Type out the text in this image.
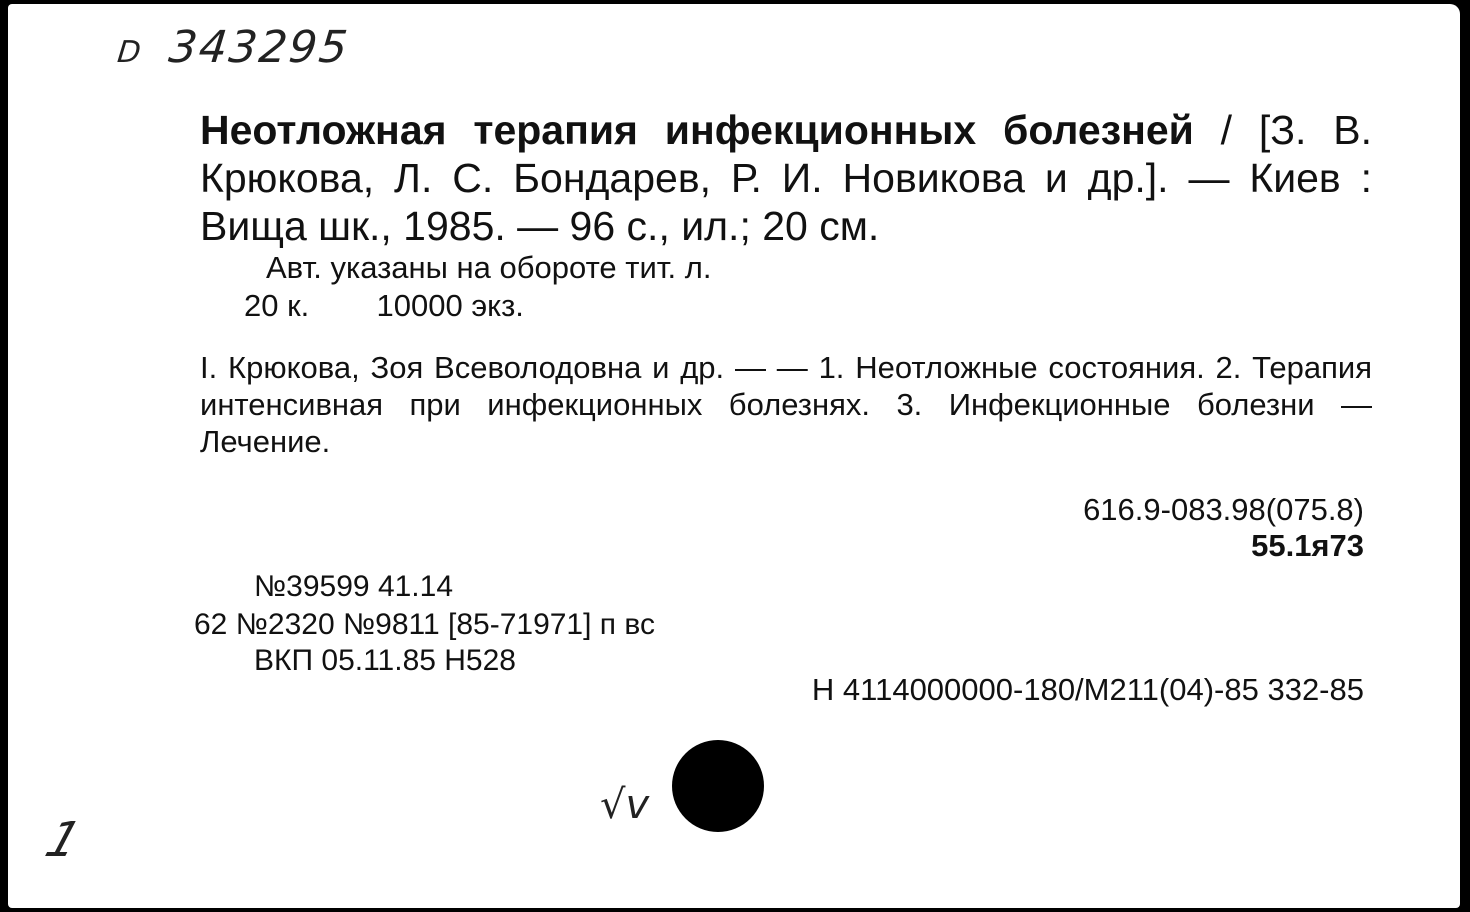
D 343295
Неотложная терапия инфекционных болезней / [З. В. Крюкова, Л. С. Бондарев, Р. И. Новикова и др.]. — Киев : Вища шк., 1985. — 96 с., ил.; 20 см.
Авт. указаны на обороте тит. л.
20 к. 10000 экз.
I. Крюкова, Зоя Всеволодовна и др. — — 1. Неотложные состояния. 2. Терапия интенсивная при инфекционных болезнях. 3. Инфекционные болезни — Лечение.
616.9-083.98(075.8)
55.1я73
№39599 41.14
62 №2320 №9811 [85-71971] п вс
ВКП 05.11.85 Н528
Н 4114000000-180/М211(04)-85 332-85
√v
1
